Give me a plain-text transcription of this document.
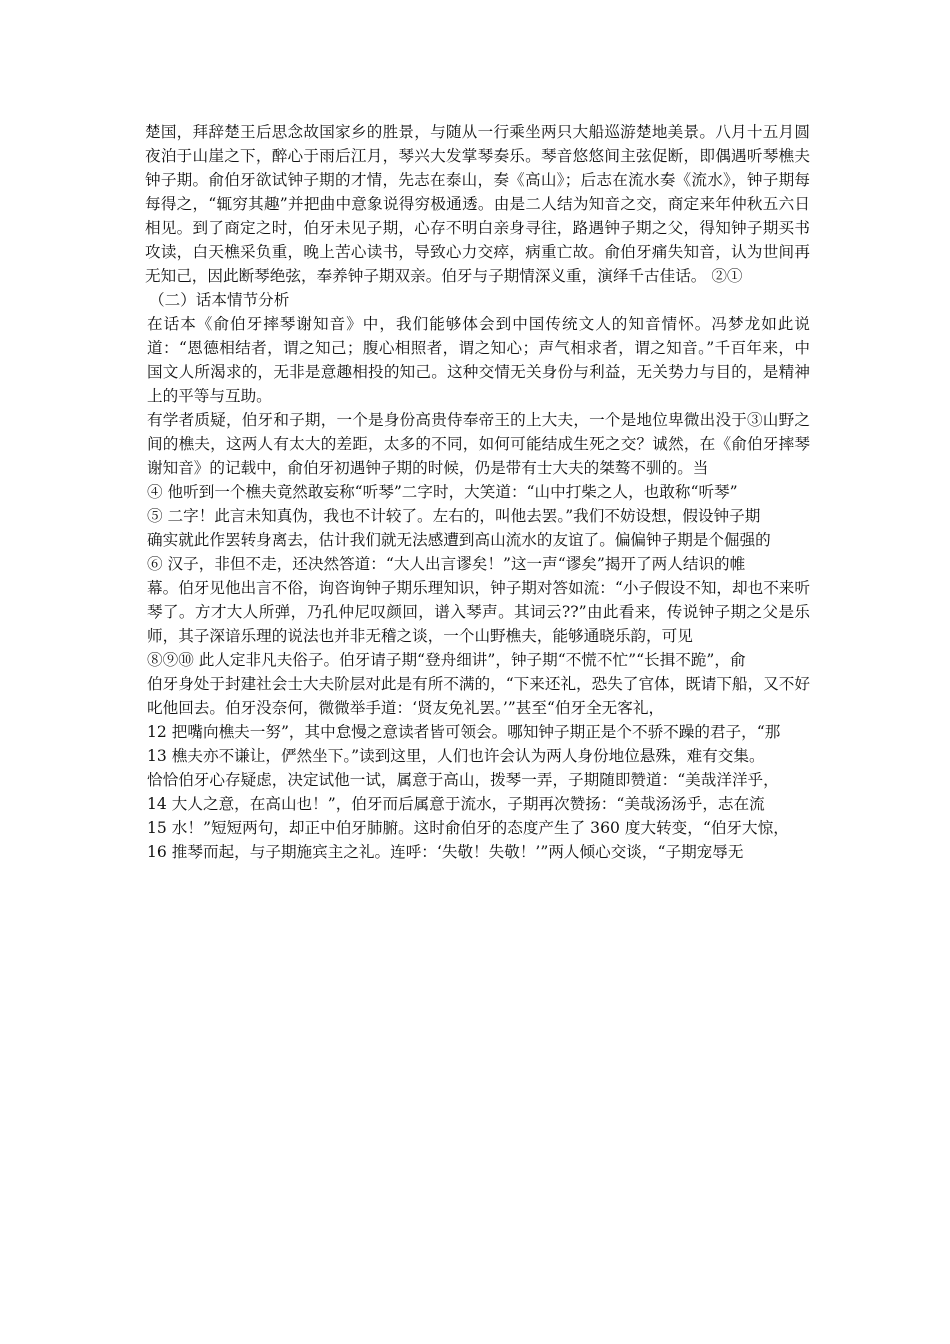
楚国，拜辞楚王后思念故国家乡的胜景，与随从一行乘坐两只大船巡游楚地美景。八月十五月圆夜泊于山崖之下，醉心于雨后江月，琴兴大发掌琴奏乐。琴音悠悠间主弦促断，即偶遇听琴樵夫钟子期。俞伯牙欲试钟子期的才情，先志在泰山，奏《高山》；后志在流水奏《流水》，钟子期每每得之，“辄穷其趣”并把曲中意象说得穷极通透。由是二人结为知音之交，商定来年仲秋五六日相见。到了商定之时，伯牙未见子期，心存不明白亲身寻往，路遇钟子期之父，得知钟子期买书攻读，白天樵采负重，晚上苦心读书，导致心力交瘁，病重亡故。俞伯牙痛失知音，认为世间再无知己，因此断琴绝弦，奉养钟子期双亲。伯牙与子期情深义重，演绎千古佳话。 ②①

（二）话本情节分析

在话本《俞伯牙摔琴谢知音》中，我们能够体会到中国传统文人的知音情怀。冯梦龙如此说道：“恩德相结者，谓之知己；腹心相照者，谓之知心；声气相求者，谓之知音。”千百年来，中国文人所渴求的，无非是意趣相投的知己。这种交情无关身份与利益，无关势力与目的，是精神上的平等与互助。

有学者质疑，伯牙和子期，一个是身份高贵侍奉帝王的上大夫，一个是地位卑微出没于③山野之间的樵夫，这两人有太大的差距，太多的不同，如何可能结成生死之交？诚然，在《俞伯牙摔琴谢知音》的记载中，俞伯牙初遇钟子期的时候，仍是带有士大夫的桀骜不驯的。当

④ 他听到一个樵夫竟然敢妄称“听琴”二字时，大笑道：“山中打柴之人，也敢称“听琴”

⑤ 二字！此言未知真伪，我也不计较了。左右的，叫他去罢。”我们不妨设想，假设钟子期

确实就此作罢转身离去，估计我们就无法感遭到高山流水的友谊了。偏偏钟子期是个倔强的

⑥ 汉子，非但不走，还决然答道：“大人出言谬矣！”这一声“谬矣”揭开了两人结识的帷

幕。伯牙见他出言不俗，询咨询钟子期乐理知识，钟子期对答如流：“小子假设不知，却也不来听琴了。方才大人所弹，乃孔仲尼叹颜回，谱入琴声。其词云??”由此看来，传说钟子期之父是乐师，其子深谙乐理的说法也并非无稽之谈，一个山野樵夫，能够通晓乐韵，可见

⑧⑨⑩ 此人定非凡夫俗子。伯牙请子期“登舟细讲”，钟子期“不慌不忙”“长揖不跪”，俞

伯牙身处于封建社会士大夫阶层对此是有所不满的，“下来还礼，恐失了官体，既请下船，又不好叱他回去。伯牙没奈何，微微举手道：‘贤友免礼罢。’”甚至“伯牙全无客礼，

12 把嘴向樵夫一努”，其中怠慢之意读者皆可领会。哪知钟子期正是个不骄不躁的君子，“那

13 樵夫亦不谦让，俨然坐下。”读到这里，人们也许会认为两人身份地位悬殊，难有交集。

恰恰伯牙心存疑虑，决定试他一试，属意于高山，拨琴一弄，子期随即赞道：“美哉洋洋乎，

14 大人之意，在高山也！”，伯牙而后属意于流水，子期再次赞扬：“美哉汤汤乎，志在流

15 水！”短短两句，却正中伯牙肺腑。这时俞伯牙的态度产生了 360 度大转变，“伯牙大惊，

16 推琴而起，与子期施宾主之礼。连呼：‘失敬！失敬！’”两人倾心交谈，“子期宠辱无
